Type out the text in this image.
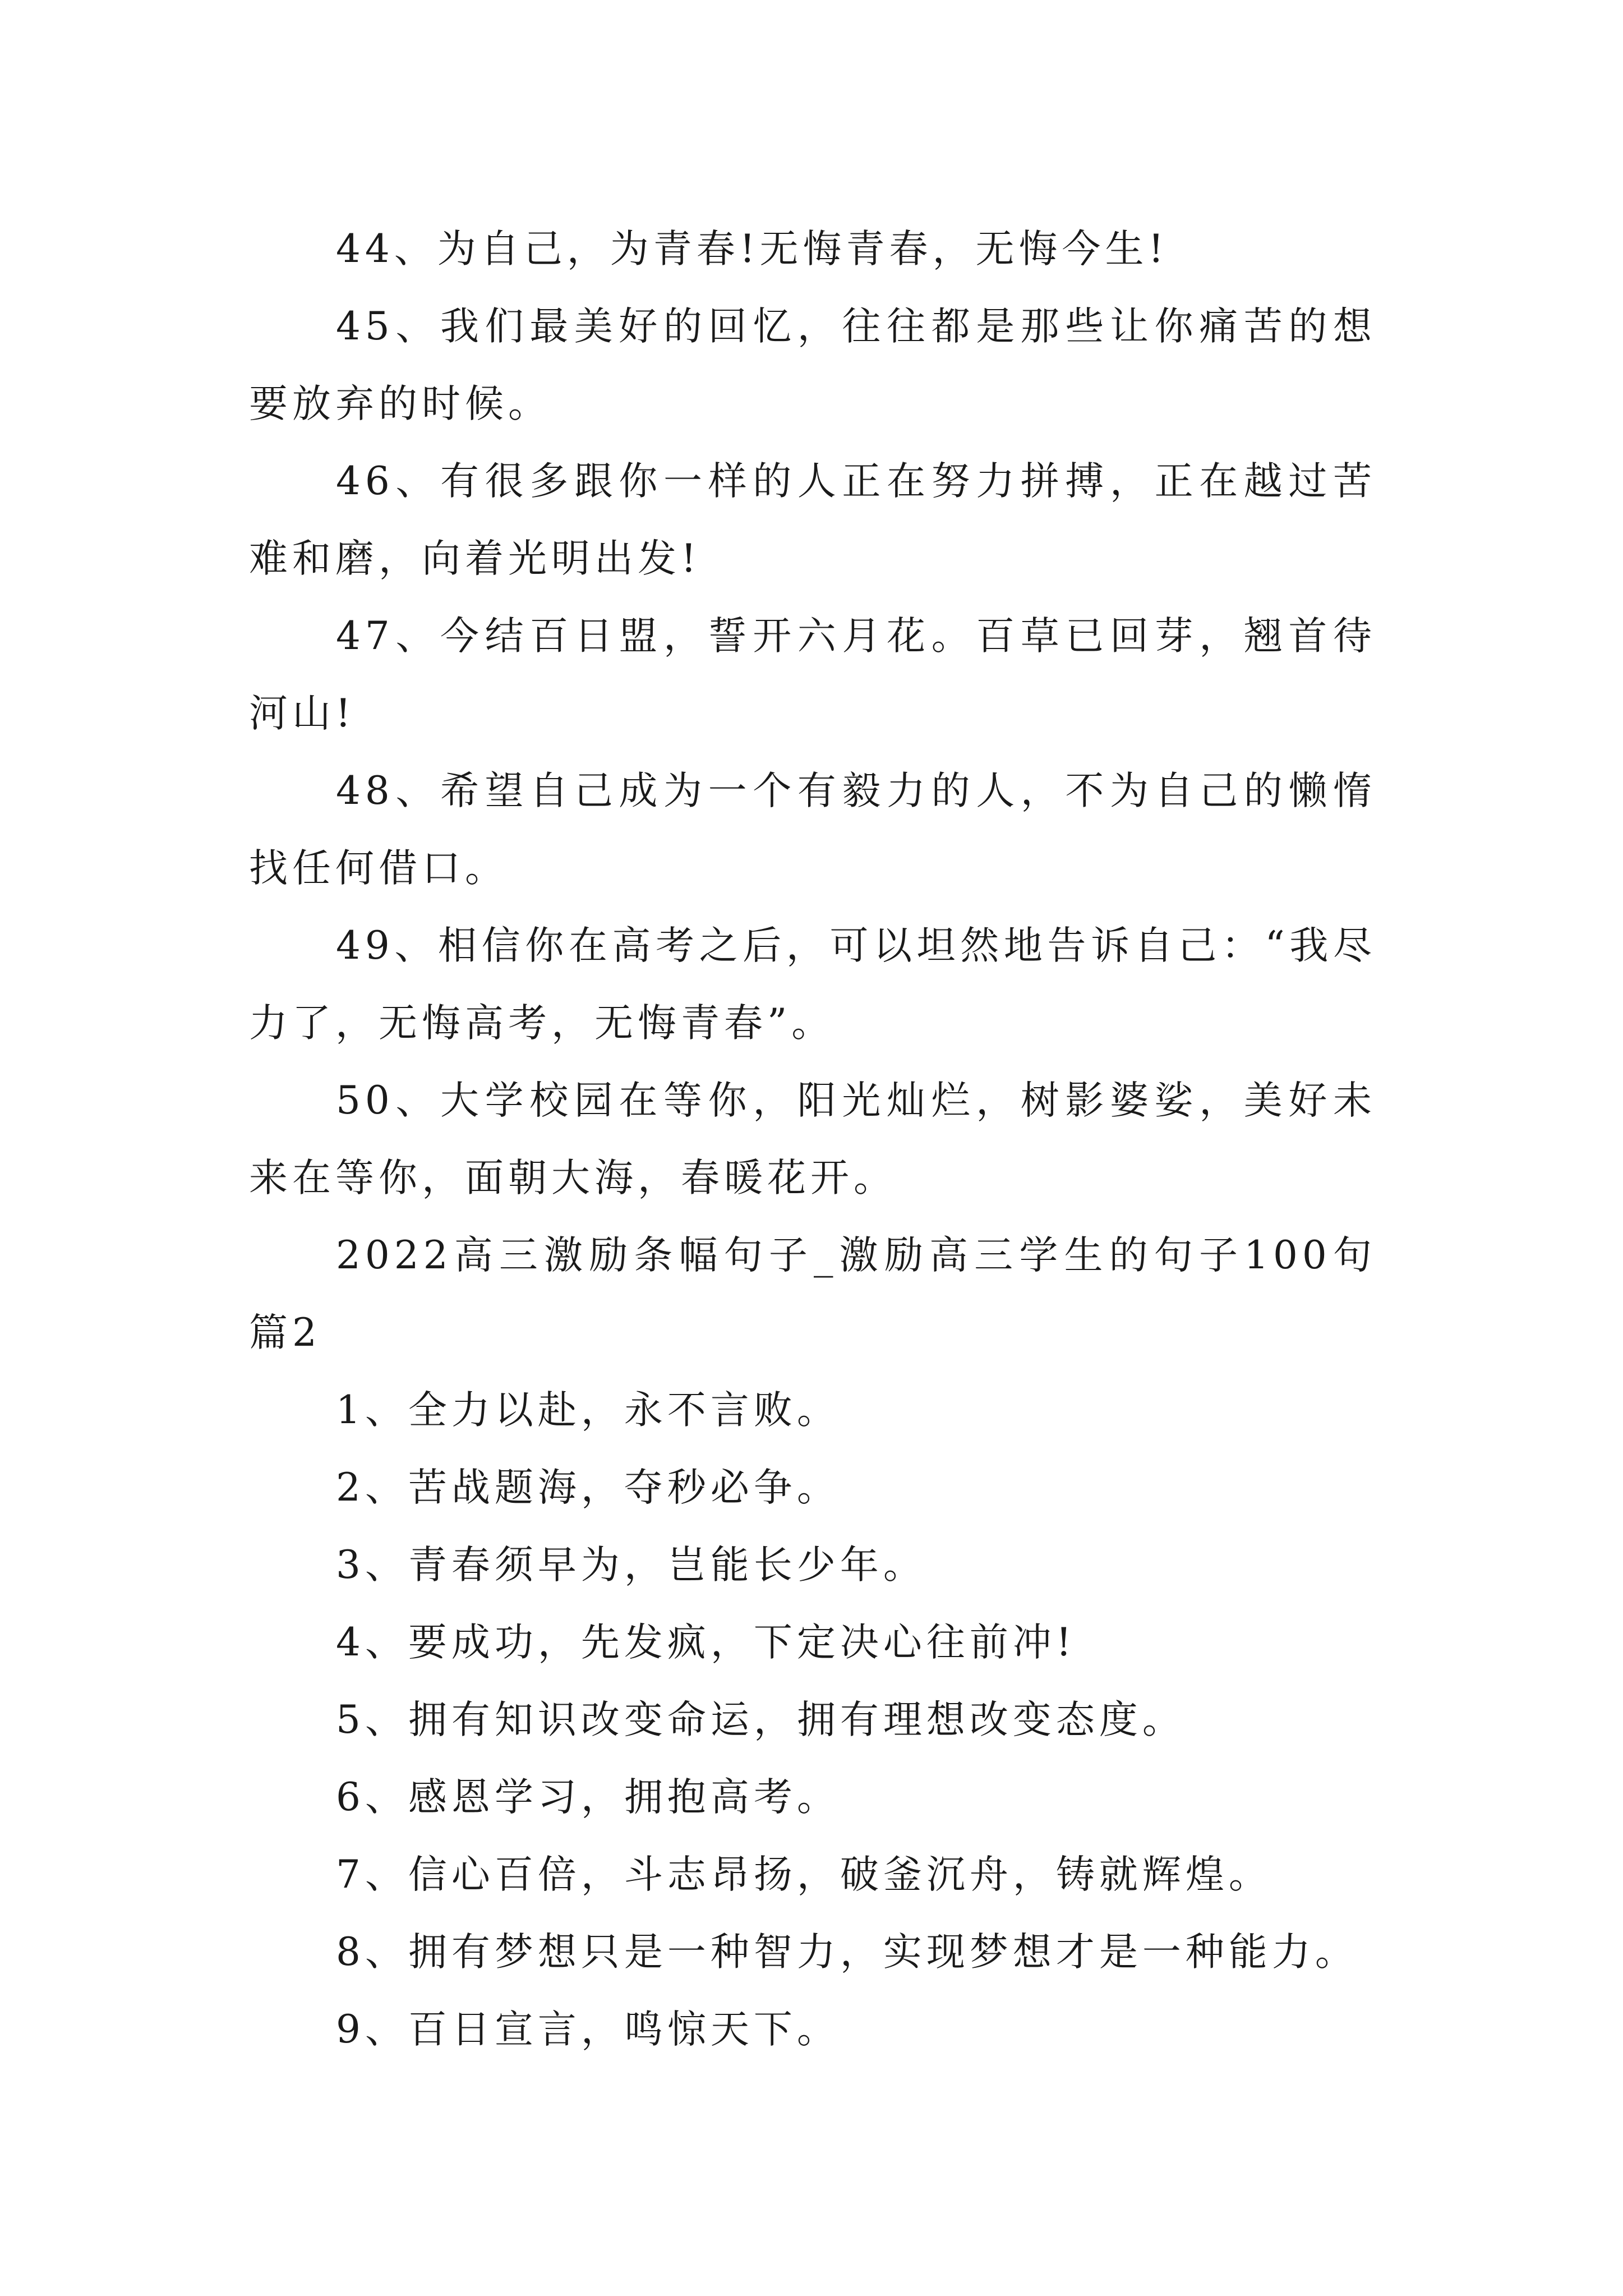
44、为自己，为青春!无悔青春，无悔今生!

45、我们最美好的回忆，往往都是那些让你痛苦的想要放弃的时候。

46、有很多跟你一样的人正在努力拼搏，正在越过苦难和磨，向着光明出发!

47、今结百日盟，誓开六月花。百草已回芽，翘首待河山!

48、希望自己成为一个有毅力的人，不为自己的懒惰找任何借口。

49、相信你在高考之后，可以坦然地告诉自己：“我尽力了，无悔高考，无悔青春”。

50、大学校园在等你，阳光灿烂，树影婆娑，美好未来在等你，面朝大海，春暖花开。

2022高三激励条幅句子_激励高三学生的句子100句篇2

1、全力以赴，永不言败。

2、苦战题海，夺秒必争。

3、青春须早为，岂能长少年。

4、要成功，先发疯，下定决心往前冲!

5、拥有知识改变命运，拥有理想改变态度。

6、感恩学习，拥抱高考。

7、信心百倍，斗志昂扬，破釜沉舟，铸就辉煌。

8、拥有梦想只是一种智力，实现梦想才是一种能力。

9、百日宣言，鸣惊天下。
